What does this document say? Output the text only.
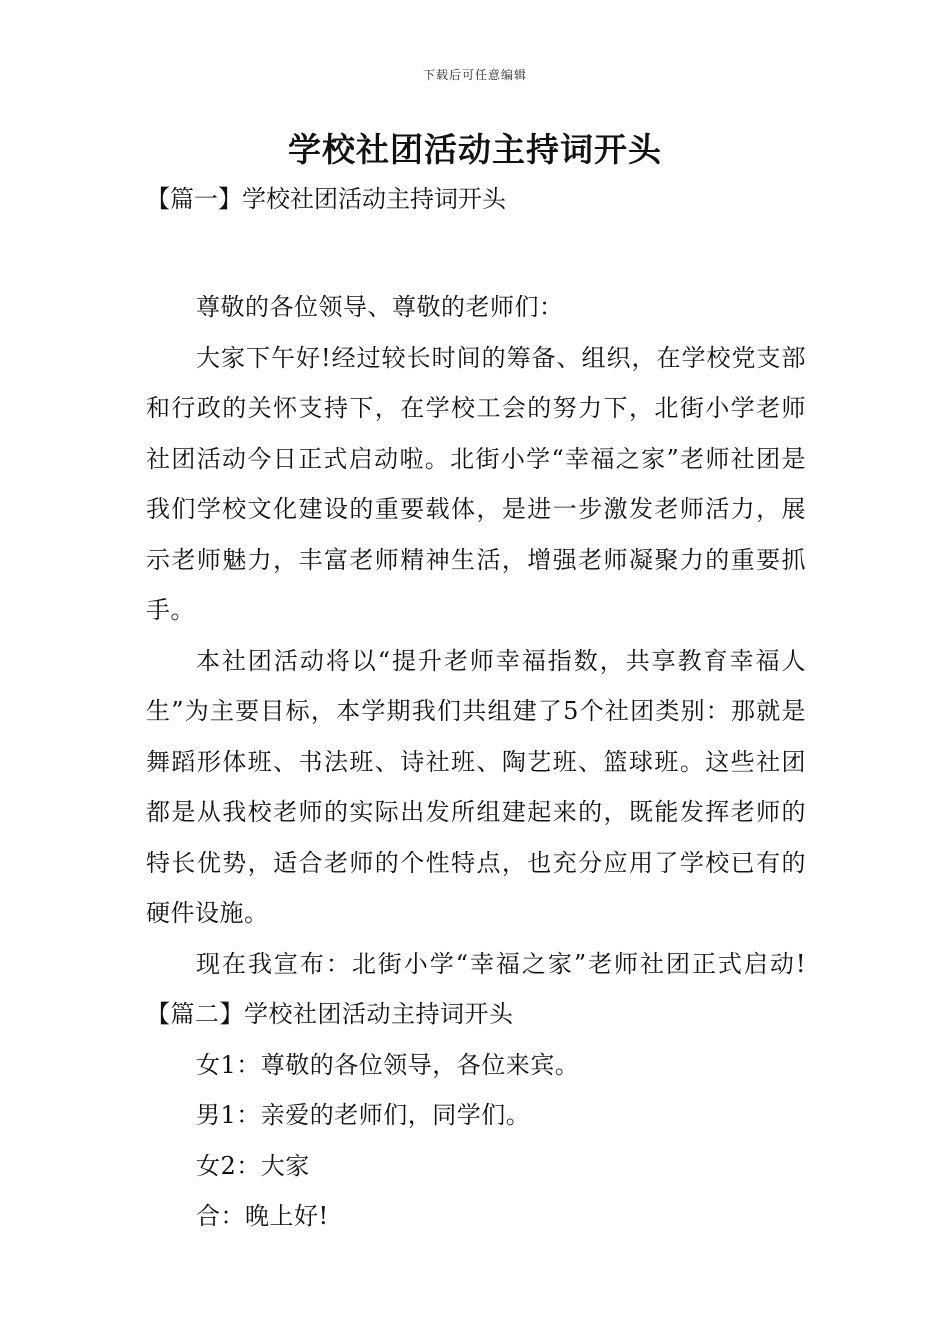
下载后可任意编辑
学校社团活动主持词开头
【篇一】学校社团活动主持词开头

尊敬的各位领导、尊敬的老师们：

大家下午好!经过较长时间的筹备、组织，在学校党支部和行政的关怀支持下，在学校工会的努力下，北街小学老师社团活动今日正式启动啦。北街小学“幸福之家”老师社团是我们学校文化建设的重要载体，是进一步激发老师活力，展示老师魅力，丰富老师精神生活，增强老师凝聚力的重要抓手。

本社团活动将以“提升老师幸福指数，共享教育幸福人生”为主要目标，本学期我们共组建了5个社团类别：那就是舞蹈形体班、书法班、诗社班、陶艺班、篮球班。这些社团都是从我校老师的实际出发所组建起来的，既能发挥老师的特长优势，适合老师的个性特点，也充分应用了学校已有的硬件设施。

现在我宣布：北街小学“幸福之家”老师社团正式启动!【篇二】学校社团活动主持词开头

女1：尊敬的各位领导，各位来宾。

男1：亲爱的老师们，同学们。

女2：大家

合：晚上好!
